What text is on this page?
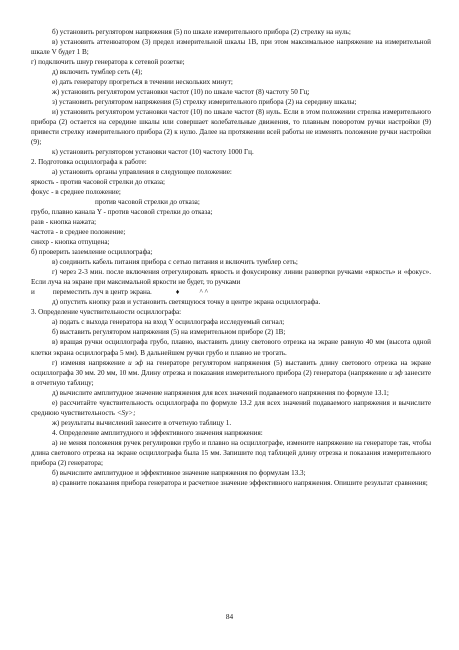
б) установить регулятором напряжения (5) по шкале измерительного прибора (2) стрелку на нуль;

в) установить аттенюатором (3) предел измерительной шкалы 1В, при этом максимальное напряжение на измерительной шкале V будет 1 В;

г) подключить шнур генератора к сетевой розетке;

д) включить тумблер сеть (4);

е) дать генератору прогреться в течении нескольких минут;

ж) установить регулятором установки частот (10) по шкале частот (8) частоту 50 Гц;

з) установить регулятором напряжения (5) стрелку измерительного прибора (2) на середину шкалы;

и) установить регулятором установки частот (10) по шкале частот (8) нуль. Если в этом положении стрелка измерительного прибора (2) остается на середине шкалы или совершает колебательные движения, то плавным поворотом ручки настройки (9) привести стрелку измерительного прибора (2) к нулю. Далее на протяжении всей работы не изменять положение ручки настройки (9);

к) установить регулятором установки частот (10) частоту 1000 Гц.

2. Подготовка осциллографа к работе:

а) установить органы управления в следующее положение:

яркость - против часовой стрелки до отказа;

фокус - в среднее положение;

против часовой стрелки до отказа;

грубо, плавно канала Y - против часовой стрелки до отказа;

разв - кнопка нажата;

частота - в среднее положение;

синхр - кнопка отпущена;

б) проверить заземление осциллографа;

в) соединить кабель питания прибора с сетью питания и включить тумблер сеть;

г) через 2-3 мин. после включения отрегулировать яркость и фокусировку линии развертки ручками «яркость» и «фокус». Если луча на экране при максимальной яркости не будет, то ручками

и	переместить луч в центр экрана.	♦	^ ^

д) опустить кнопку разв и установить светящуюся точку в центре экрана осциллографа.

3. Определение чувствительности осциллографа:

а) подать с выхода генератора на вход Y осциллографа исследуемый сигнал;

б) выставить регулятором напряжения (5) на измерительном приборе (2) 1В;

в) вращая ручки осциллографа грубо, плавно, выставить длину светового отрезка на экране равную 40 мм (высота одной клетки экрана осциллографа 5 мм). В дальнейшем ручки грубо и плавно не трогать.

г) изменяя напряжение u эф на генераторе регулятором напряжения (5) выставить длину светового отрезка на экране осциллографа 30 мм. 20 мм, 10 мм. Длину отрезка и показания измерительного прибора (2) генератора (напряжение u эф занесите в отчетную таблицу;

д) вычислите амплитудное значение напряжения для всех значений подаваемого напряжения по формуле 13.1;

е) рассчитайте чувствительность осциллографа по формуле 13.2 для всех значений подаваемого напряжения и вычислите среднюю чувствительность <Sy>;

ж) результаты вычислений занесите в отчетную таблицу 1.

4. Определение амплитудного и эффективного значения напряжения:

а) не меняя положения ручек регулировки грубо и плавно на осциллографе, измените напряжение на генераторе так, чтобы длина светового отрезка на экране осциллографа была 15 мм. Запишите под таблицей длину отрезка и показания измерительного прибора (2) генератора;

б) вычислите амплитудное и эффективное значение напряжения по формулам 13.3;

в) сравните показания прибора генератора и расчетное значение эффективного напряжения. Опишите результат сравнения;

84
